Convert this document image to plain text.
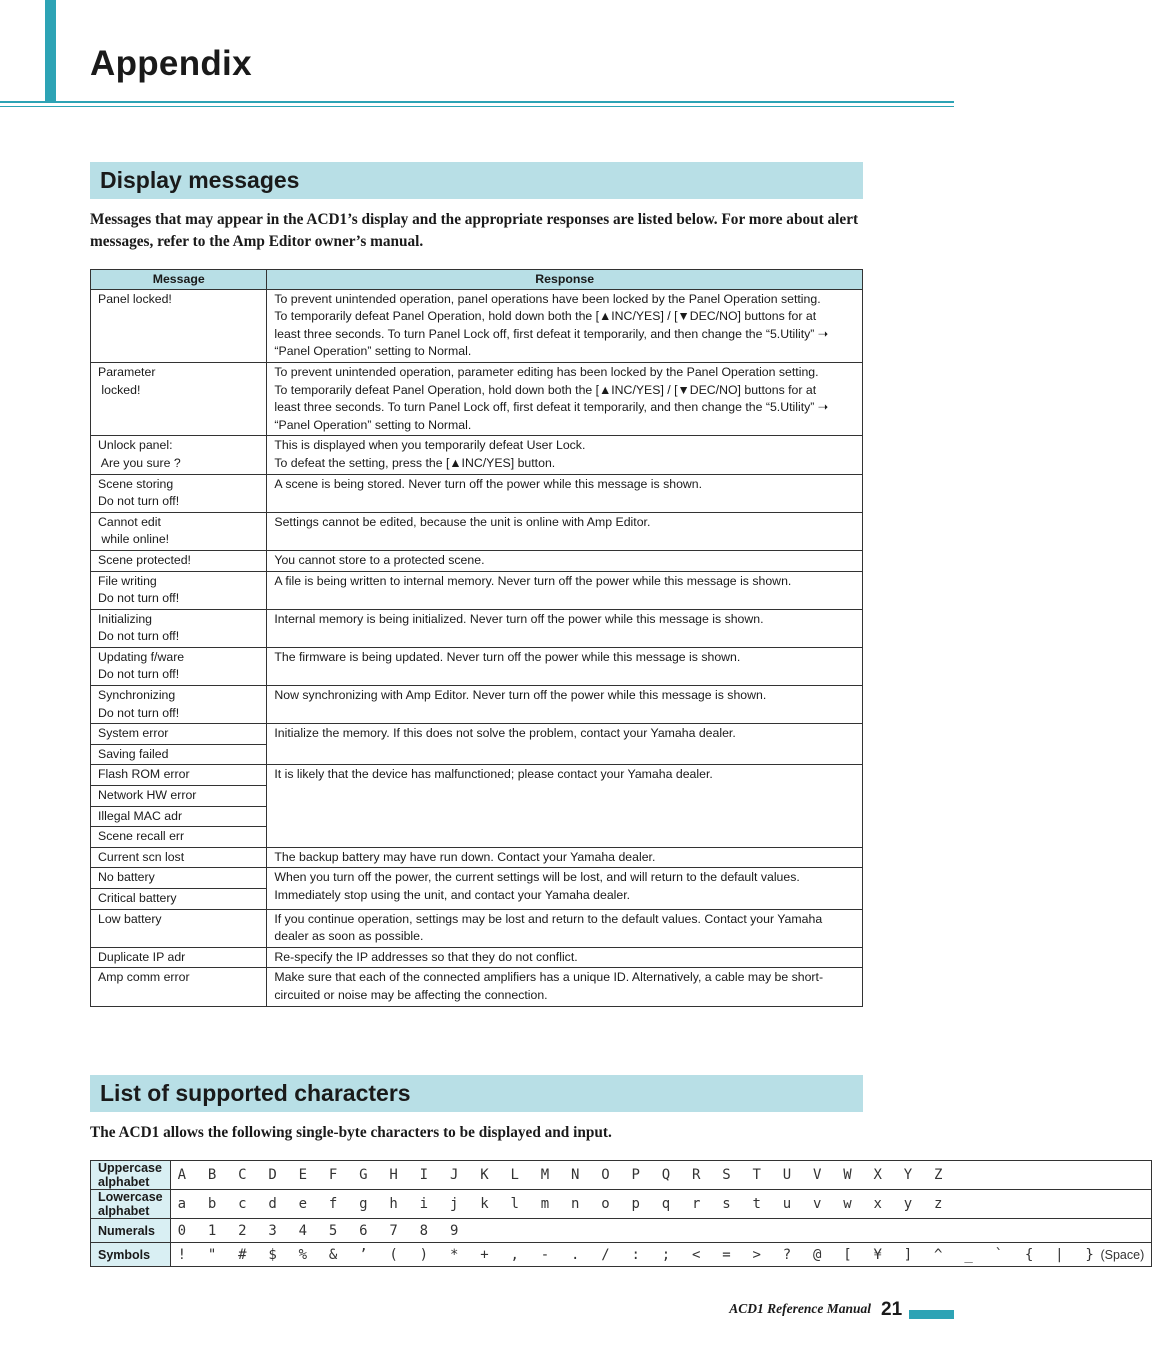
Appendix
Display messages

Messages that may appear in the ACD1’s display and the appropriate responses are listed below. For more about alert messages, refer to the Amp Editor owner’s manual.

Message	Response

Panel locked!	To prevent unintended operation, panel operations have been locked by the Panel Operation setting.
To temporarily defeat Panel Operation, hold down both the [▲INC/YES] / [▼DEC/NO] buttons for at
least three seconds. To turn Panel Lock off, first defeat it temporarily, and then change the “5.Utility” ➝
“Panel Operation” setting to Normal.

Parameter
locked!	To prevent unintended operation, parameter editing has been locked by the Panel Operation setting.
To temporarily defeat Panel Operation, hold down both the [▲INC/YES] / [▼DEC/NO] buttons for at
least three seconds. To turn Panel Lock off, first defeat it temporarily, and then change the “5.Utility” ➝
“Panel Operation” setting to Normal.

Unlock panel:
Are you sure ?	This is displayed when you temporarily defeat User Lock.
To defeat the setting, press the [▲INC/YES] button.

Scene storing
Do not turn off!	A scene is being stored. Never turn off the power while this message is shown.

Cannot edit
while online!	Settings cannot be edited, because the unit is online with Amp Editor.

Scene protected!	You cannot store to a protected scene.

File writing
Do not turn off!	A file is being written to internal memory. Never turn off the power while this message is shown.

Initializing
Do not turn off!	Internal memory is being initialized. Never turn off the power while this message is shown.

Updating f/ware
Do not turn off!	The firmware is being updated. Never turn off the power while this message is shown.

Synchronizing
Do not turn off!	Now synchronizing with Amp Editor. Never turn off the power while this message is shown.

System error	Initialize the memory. If this does not solve the problem, contact your Yamaha dealer.

Saving failed	

Flash ROM error	It is likely that the device has malfunctioned; please contact your Yamaha dealer.

Network HW error	

Illegal MAC adr	

Scene recall err	

Current scn lost	The backup battery may have run down. Contact your Yamaha dealer.

No battery	When you turn off the power, the current settings will be lost, and will return to the default values.
Immediately stop using the unit, and contact your Yamaha dealer.

Critical battery	

Low battery	If you continue operation, settings may be lost and return to the default values. Contact your Yamaha
dealer as soon as possible.

Duplicate IP adr	Re-specify the IP addresses so that they do not conflict.

Amp comm error	Make sure that each of the connected amplifiers has a unique ID. Alternatively, a cable may be short-
circuited or noise may be affecting the connection.
List of supported characters

The ACD1 allows the following single-byte characters to be displayed and input.

Uppercase alphabet	A B C D E F G H I J K L M N O P Q R S T U V W X Y Z
Lowercase alphabet	a b c d e f g h i j k l m n o p q r s t u v w x y z
Numerals	0 1 2 3 4 5 6 7 8 9
Symbols	! " # $ % & ’ ( ) * + , - . / : ; < = > ? @ [ ¥ ] ^ _ ` { | }(Space)
ACD1 Reference Manual 21
